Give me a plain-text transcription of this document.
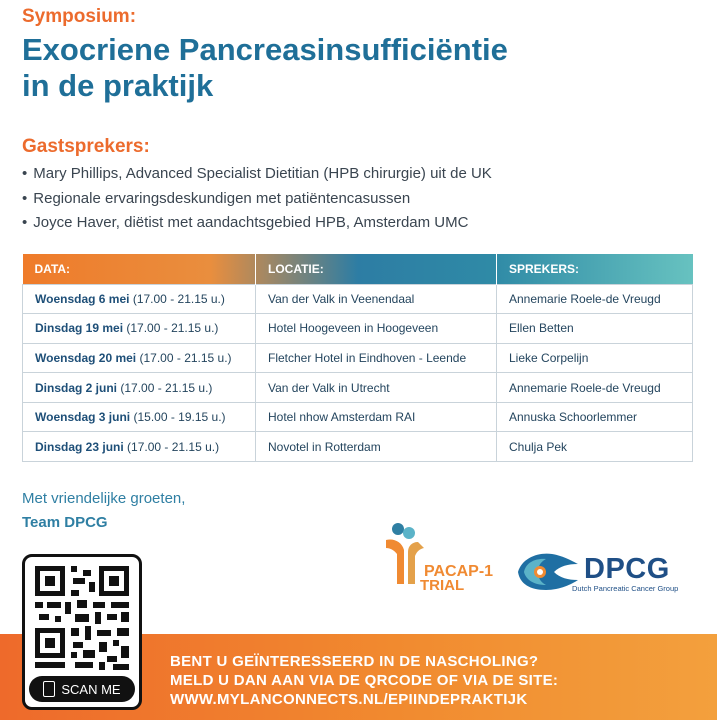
Symposium:
Exocriene Pancreasinsufficiëntie
in de praktijk
Gastsprekers:
• Mary Phillips, Advanced Specialist Dietitian (HPB chirurgie) uit de UK
• Regionale ervaringsdeskundigen met patiëntencasussen
• Joyce Haver, diëtist met aandachtsgebied HPB, Amsterdam UMC
DATA:	LOCATIE:	SPREKERS:
Woensdag 6 mei (17.00 - 21.15 u.)	Van der Valk in Veenendaal	Annemarie Roele-de Vreugd
Dinsdag 19 mei (17.00 - 21.15 u.)	Hotel Hoogeveen in Hoogeveen	Ellen Betten
Woensdag 20 mei (17.00 - 21.15 u.)	Fletcher Hotel in Eindhoven - Leende	Lieke Corpelijn
Dinsdag 2 juni (17.00 - 21.15 u.)	Van der Valk in Utrecht	Annemarie Roele-de Vreugd
Woensdag 3 juni (15.00 - 19.15 u.)	Hotel nhow Amsterdam RAI	Annuska Schoorlemmer
Dinsdag 23 juni (17.00 - 21.15 u.)	Novotel in Rotterdam	Chulja Pek
Met vriendelijke groeten,
Team DPCG
SCAN ME
PACAP-1
TRIAL
DPCG
Dutch Pancreatic Cancer Group
BENT U GEÏNTERESSEERD IN DE NASCHOLING?
MELD U DAN AAN VIA DE QRCODE OF VIA DE SITE:
WWW.MYLANCONNECTS.NL/EPIINDEPRAKTIJK
